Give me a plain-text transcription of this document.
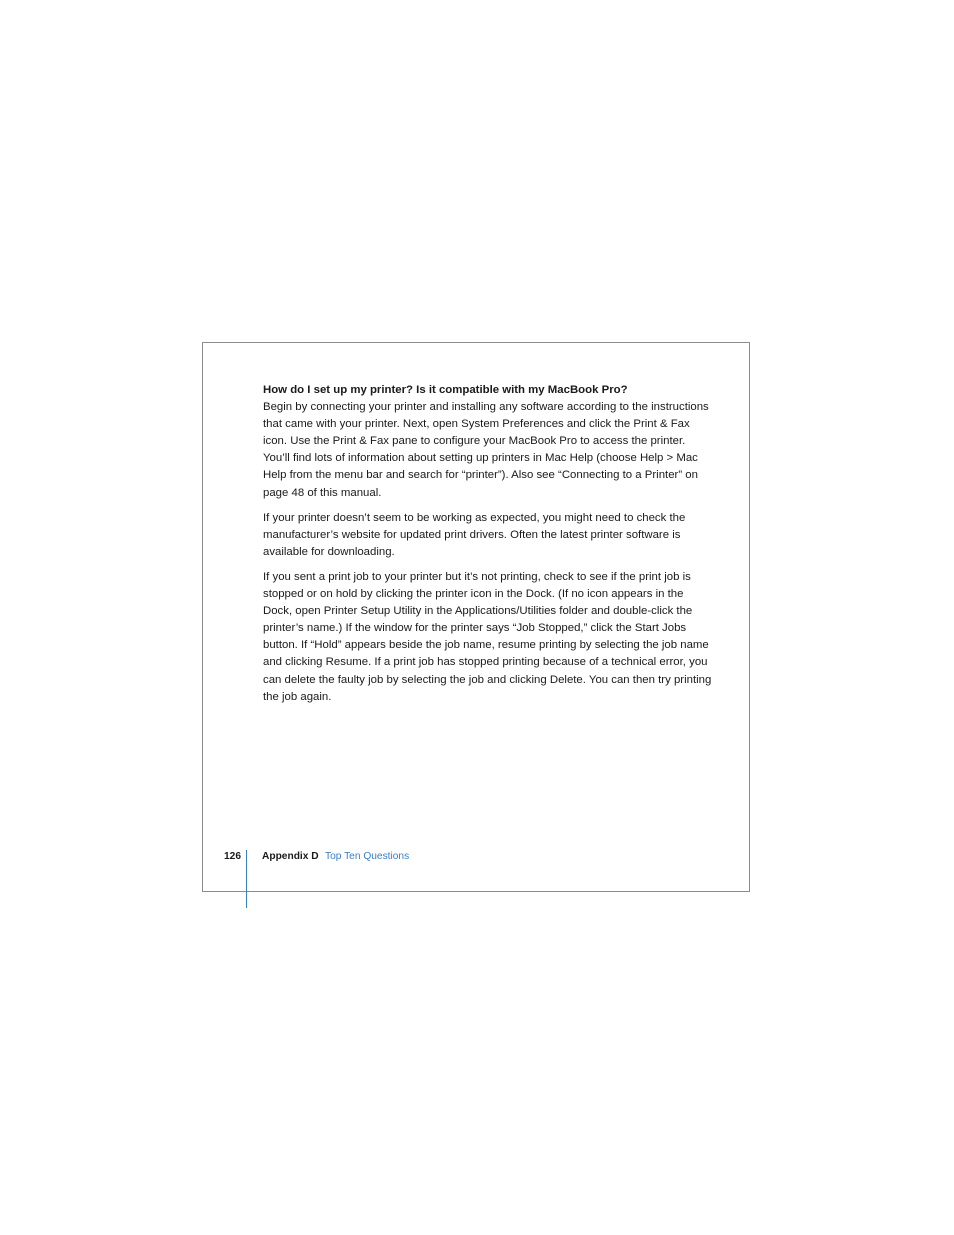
How do I set up my printer? Is it compatible with my MacBook Pro?

Begin by connecting your printer and installing any software according to the instructions that came with your printer. Next, open System Preferences and click the Print & Fax icon. Use the Print & Fax pane to configure your MacBook Pro to access the printer. You’ll find lots of information about setting up printers in Mac Help (choose Help > Mac Help from the menu bar and search for “printer”). Also see “Connecting to a Printer” on page 48 of this manual.

If your printer doesn’t seem to be working as expected, you might need to check the manufacturer’s website for updated print drivers. Often the latest printer software is available for downloading.

If you sent a print job to your printer but it’s not printing, check to see if the print job is stopped or on hold by clicking the printer icon in the Dock. (If no icon appears in the Dock, open Printer Setup Utility in the Applications/Utilities folder and double-click the printer’s name.) If the window for the printer says “Job Stopped,” click the Start Jobs button. If “Hold” appears beside the job name, resume printing by selecting the job name and clicking Resume. If a print job has stopped printing because of a technical error, you can delete the faulty job by selecting the job and clicking Delete. You can then try printing the job again.

126 Appendix D Top Ten Questions
